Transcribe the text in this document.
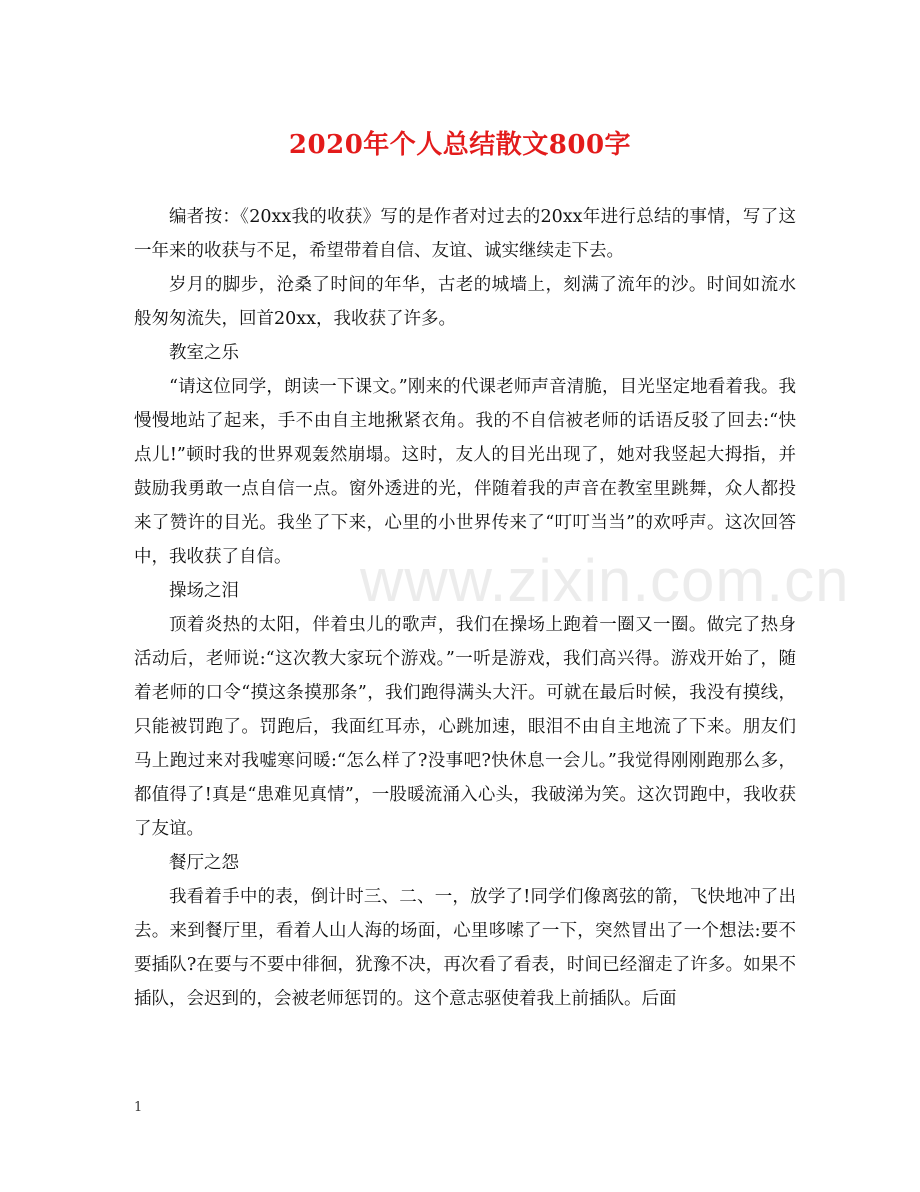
2020年个人总结散文800字

编者按：《20xx我的收获》写的是作者对过去的20xx年进行总结的事情，写了这一年来的收获与不足，希望带着自信、友谊、诚实继续走下去。

岁月的脚步，沧桑了时间的年华，古老的城墙上，刻满了流年的沙。时间如流水般匆匆流失，回首20xx，我收获了许多。

教室之乐

“请这位同学，朗读一下课文。”刚来的代课老师声音清脆，目光坚定地看着我。我慢慢地站了起来，手不由自主地揪紧衣角。我的不自信被老师的话语反驳了回去:“快点儿!”顿时我的世界观轰然崩塌。这时，友人的目光出现了，她对我竖起大拇指，并鼓励我勇敢一点自信一点。窗外透进的光，伴随着我的声音在教室里跳舞，众人都投来了赞许的目光。我坐了下来，心里的小世界传来了“叮叮当当”的欢呼声。这次回答中，我收获了自信。

操场之泪

顶着炎热的太阳，伴着虫儿的歌声，我们在操场上跑着一圈又一圈。做完了热身活动后，老师说:“这次教大家玩个游戏。”一听是游戏，我们高兴得。游戏开始了，随着老师的口令“摸这条摸那条”，我们跑得满头大汗。可就在最后时候，我没有摸线，只能被罚跑了。罚跑后，我面红耳赤，心跳加速，眼泪不由自主地流了下来。朋友们马上跑过来对我嘘寒问暖:“怎么样了?没事吧?快休息一会儿。”我觉得刚刚跑那么多，都值得了!真是“患难见真情”，一股暖流涌入心头，我破涕为笑。这次罚跑中，我收获了友谊。

餐厅之怨

我看着手中的表，倒计时三、二、一，放学了!同学们像离弦的箭，飞快地冲了出去。来到餐厅里，看着人山人海的场面，心里哆嗦了一下，突然冒出了一个想法:要不要插队?在要与不要中徘徊，犹豫不决，再次看了看表，时间已经溜走了许多。如果不插队，会迟到的，会被老师惩罚的。这个意志驱使着我上前插队。后面

www.zixin.com.cn
1
